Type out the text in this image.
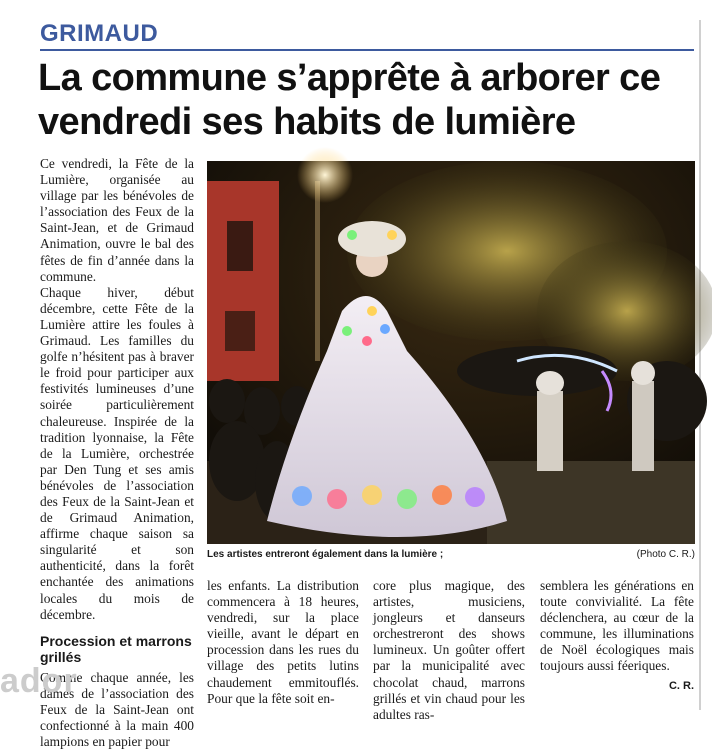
GRIMAUD
La commune s’apprête à arborer ce vendredi ses habits de lumière

Ce vendredi, la Fête de la Lumière, organisée au village par les bénévoles de l’association des Feux de la Saint-Jean, et de Grimaud Animation, ouvre le bal des fêtes de fin d’année dans la commune.

Chaque hiver, début décembre, cette Fête de la Lumière attire les foules à Grimaud. Les familles du golfe n’hésitent pas à braver le froid pour participer aux festivités lumineuses d’une soirée particulièrement chaleureuse. Inspirée de la tradition lyonnaise, la Fête de la Lumière, orchestrée par Den Tung et ses amis bénévoles de l’association des Feux de la Saint-Jean et de Grimaud Animation, affirme chaque saison sa singularité et son authenticité, dans la forêt enchantée des animations locales du mois de décembre.

Procession et marrons grillés

Comme chaque année, les dames de l’association des Feux de la Saint-Jean ont confectionné à la main 400 lampions en papier pour

Les artistes entreront également dans la lumière ;	(Photo C. R.)

les enfants. La distribution commencera à 18 heures, vendredi, sur la place vieille, avant le départ en procession dans les rues du village des petits lutins chaudement emmitouflés. Pour que la fête soit en-

core plus magique, des artistes, musiciens, jongleurs et danseurs orchestreront des shows lumineux. Un goûter offert par la municipalité avec chocolat chaud, marrons grillés et vin chaud pour les adultes ras-

semblera les générations en toute convivialité. La fête déclenchera, au cœur de la commune, les illuminations de Noël écologiques mais toujours aussi féeriques.

C. R.
ador
